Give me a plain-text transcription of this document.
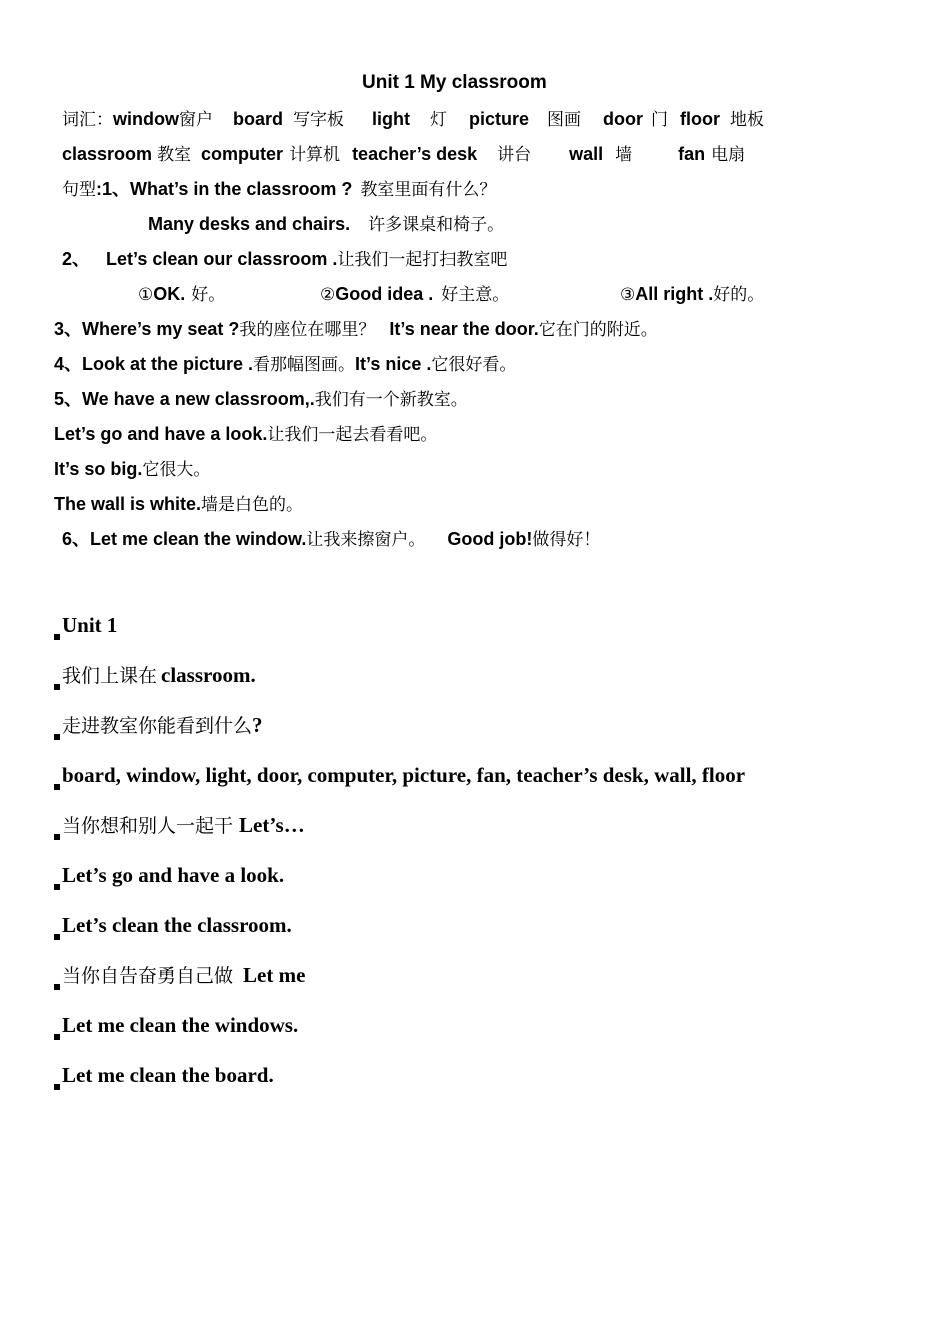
Unit 1 My classroom
词汇：window窗户 board 写字板 light 灯 picture 图画 door 门 floor 地板
classroom 教室 computer 计算机 teacher’s desk 讲台 wall 墙	fan 电扇
句型:1、What’s in the classroom ? 教室里面有什么？
Many desks and chairs. 许多课桌和椅子。
2、 Let’s clean our classroom .让我们一起打扫教室吧
①OK. 好。	②Good idea . 好主意。	③All right .好的。
3、Where’s my seat ?我的座位在哪里？ It’s near the door.它在门的附近。
4、Look at the picture .看那幅图画。It’s nice .它很好看。
5、We have a new classroom,.我们有一个新教室。
Let’s go and have a look.让我们一起去看看吧。
It’s so big.它很大。
The wall is white.墙是白色的。
6、Let me clean the window.让我来擦窗户。 Good job!做得好！
Unit 1
我们上课在 classroom.
走进教室你能看到什么?
board, window, light, door, computer, picture, fan, teacher’s desk, wall, floor
当你想和别人一起干 Let’s…
Let’s go and have a look.
Let’s clean the classroom.
当你自告奋勇自己做 Let me
Let me clean the windows.
Let me clean the board.
